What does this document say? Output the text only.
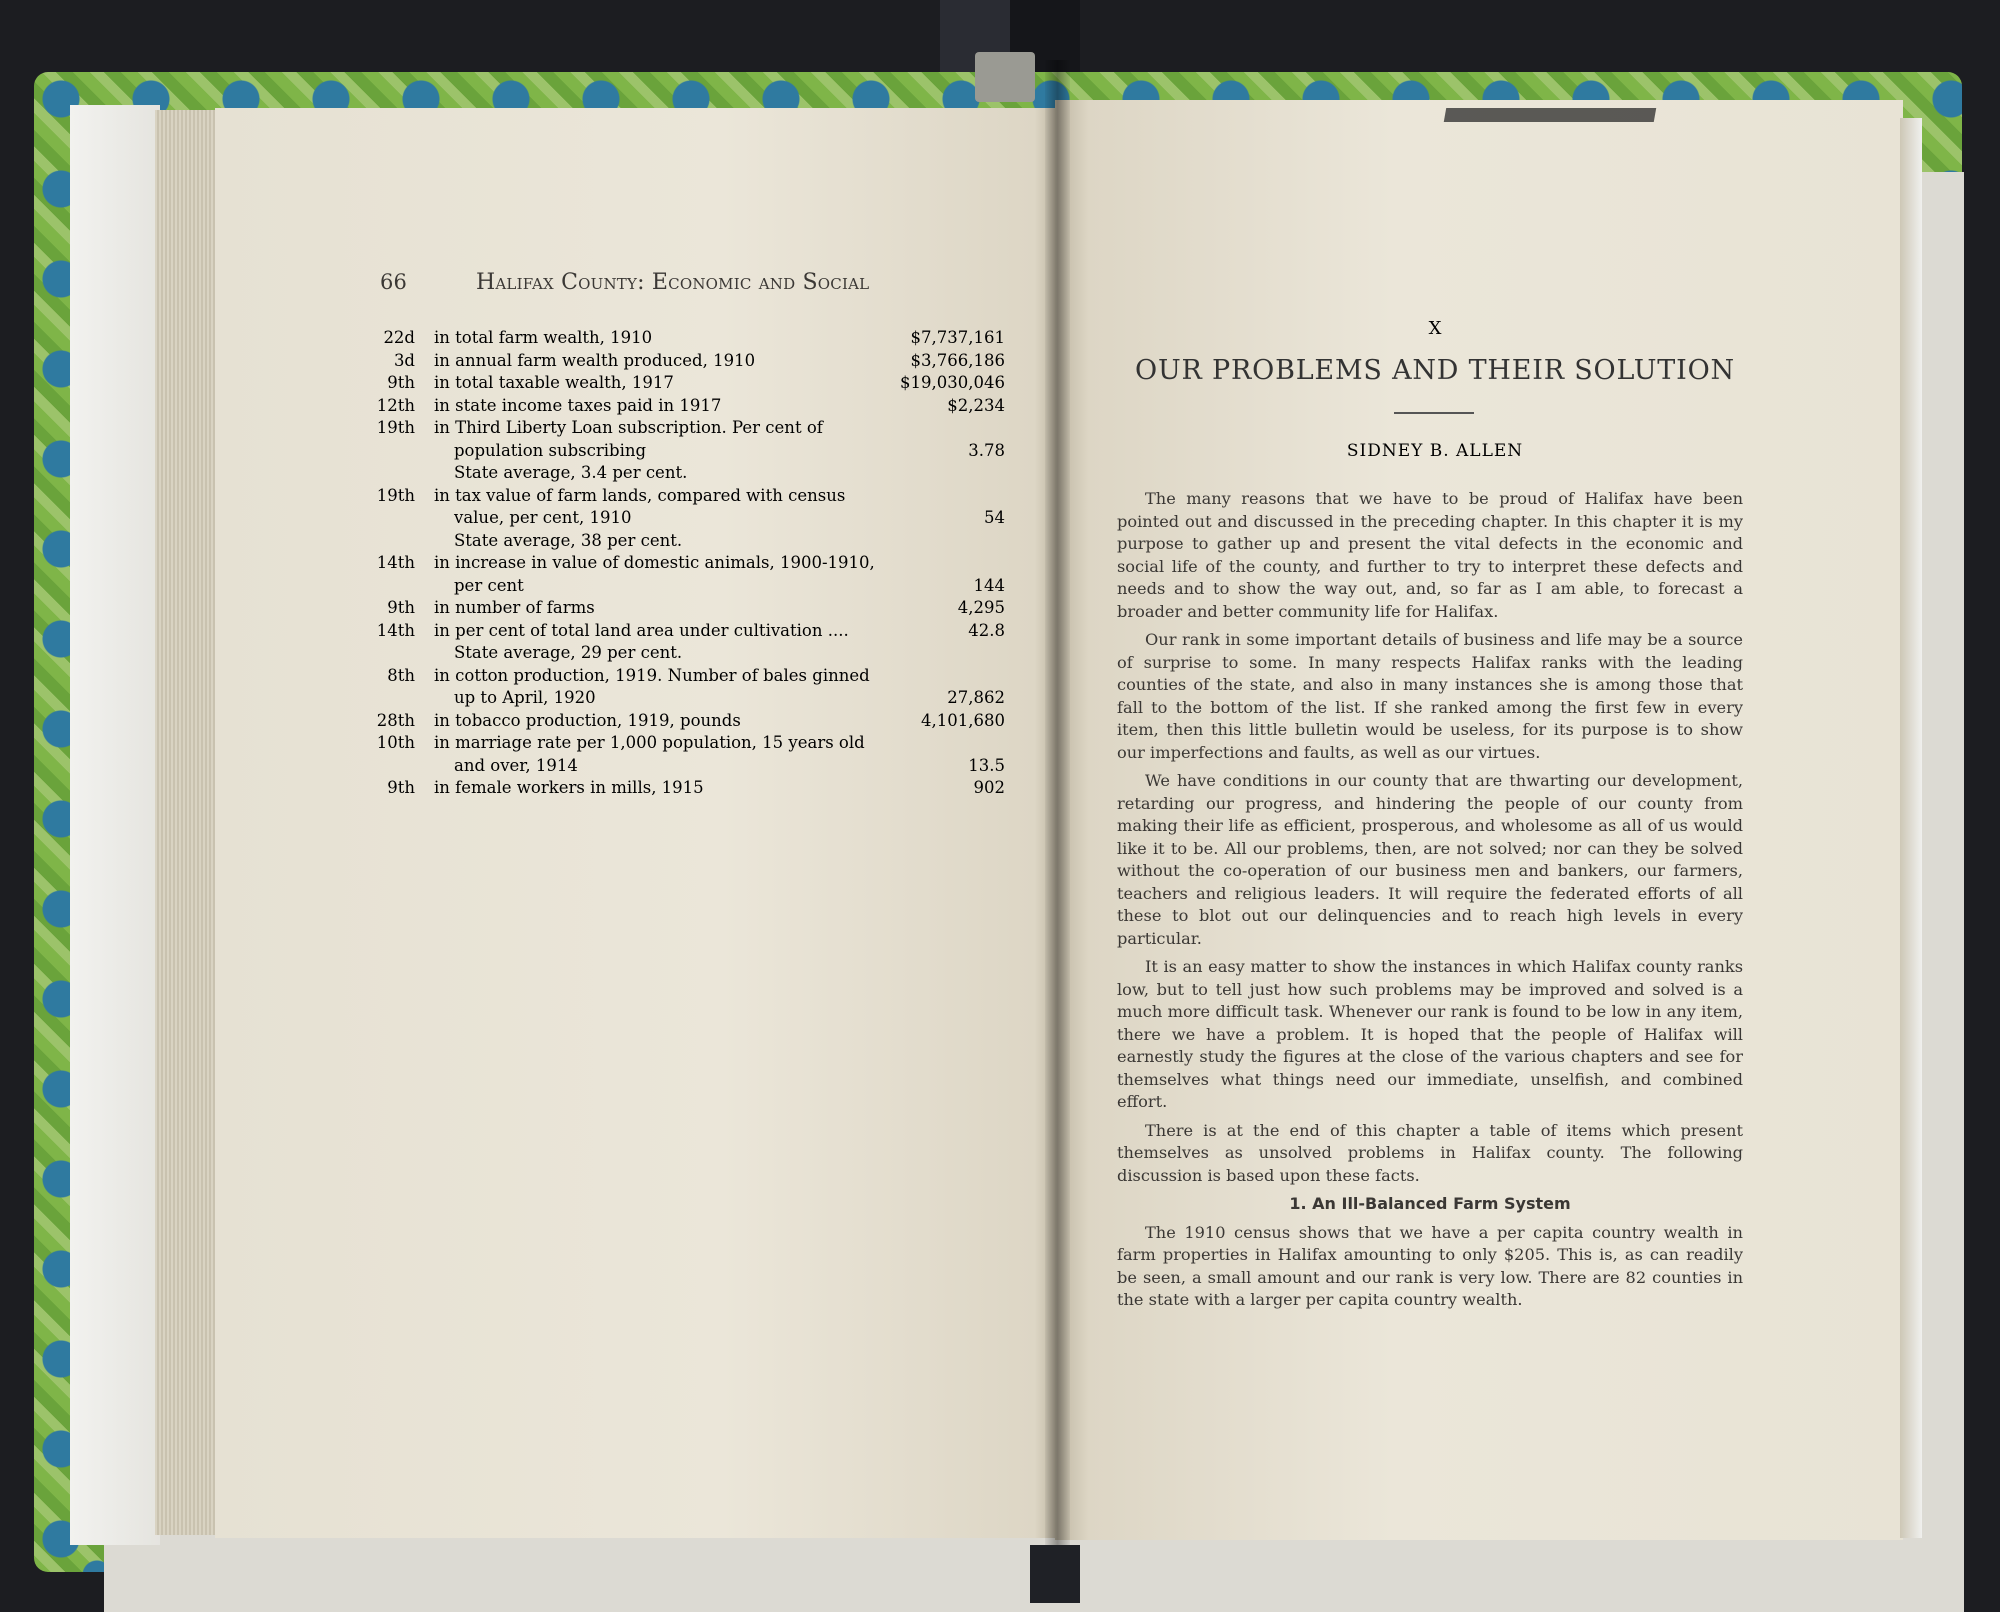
66	Halifax County: Economic and Social
22d in total farm wealth, 1910	$7,737,161
3d in annual farm wealth produced, 1910	$3,766,186
9th in total taxable wealth, 1917	$19,030,046
12th in state income taxes paid in 1917	$2,234
19th in Third Liberty Loan subscription. Per cent of
population subscribing	3.78
State average, 3.4 per cent.
19th in tax value of farm lands, compared with census
value, per cent, 1910	54
State average, 38 per cent.
14th in increase in value of domestic animals, 1900-1910,
per cent	144
9th in number of farms	4,295
14th in per cent of total land area under cultivation ....	42.8
State average, 29 per cent.
8th in cotton production, 1919. Number of bales ginned
up to April, 1920	27,862
28th in tobacco production, 1919, pounds	4,101,680
10th in marriage rate per 1,000 population, 15 years old
and over, 1914	13.5
9th in female workers in mills, 1915	902
X
OUR PROBLEMS AND THEIR SOLUTION
SIDNEY B. ALLEN

The many reasons that we have to be proud of Halifax have been pointed out and discussed in the preceding chapter. In this chapter it is my purpose to gather up and present the vital defects in the economic and social life of the county, and further to try to interpret these defects and needs and to show the way out, and, so far as I am able, to forecast a broader and better community life for Halifax.

Our rank in some important details of business and life may be a source of surprise to some. In many respects Halifax ranks with the leading counties of the state, and also in many instances she is among those that fall to the bottom of the list. If she ranked among the first few in every item, then this little bulletin would be useless, for its purpose is to show our imperfections and faults, as well as our virtues.

We have conditions in our county that are thwarting our development, retarding our progress, and hindering the people of our county from making their life as efficient, prosperous, and wholesome as all of us would like it to be. All our problems, then, are not solved; nor can they be solved without the co-operation of our business men and bankers, our farmers, teachers and religious leaders. It will require the federated efforts of all these to blot out our delinquencies and to reach high levels in every particular.

It is an easy matter to show the instances in which Halifax county ranks low, but to tell just how such problems may be improved and solved is a much more difficult task. Whenever our rank is found to be low in any item, there we have a problem. It is hoped that the people of Halifax will earnestly study the figures at the close of the various chapters and see for themselves what things need our immediate, unselfish, and combined effort.

There is at the end of this chapter a table of items which present themselves as unsolved problems in Halifax county. The following discussion is based upon these facts.

1. An Ill-Balanced Farm System

The 1910 census shows that we have a per capita country wealth in farm properties in Halifax amounting to only $205. This is, as can readily be seen, a small amount and our rank is very low. There are 82 counties in the state with a larger per capita country wealth.
